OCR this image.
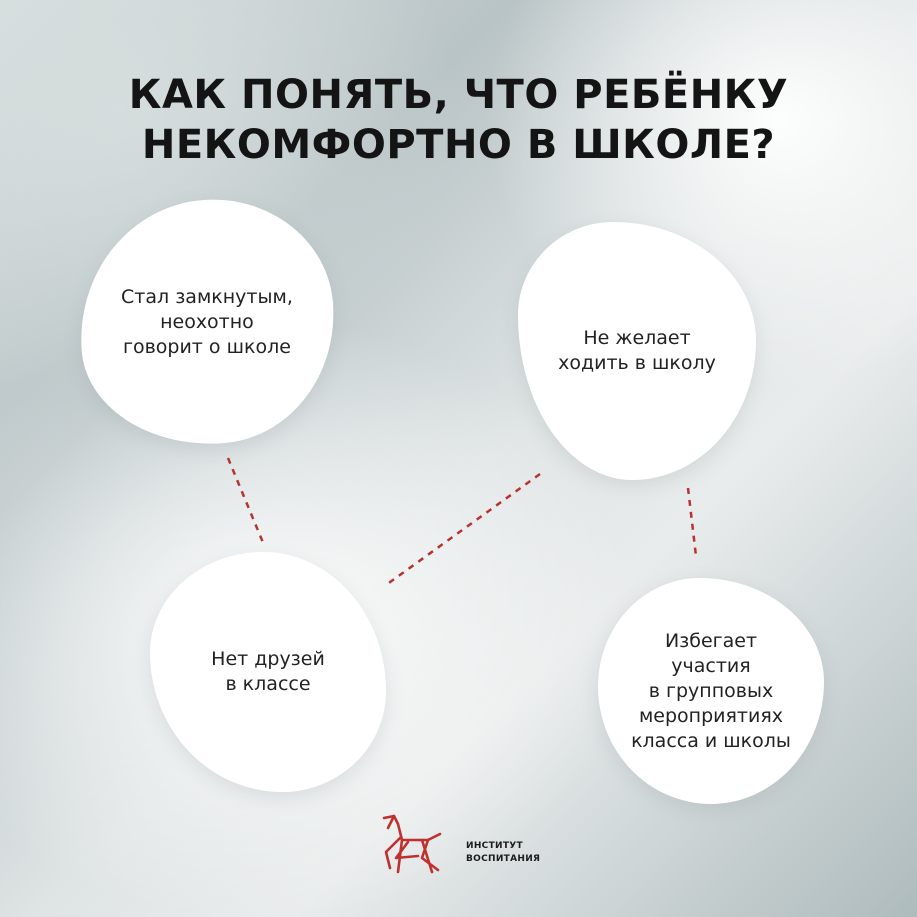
КАК ПОНЯТЬ, ЧТО РЕБЁНКУ
НЕКОМФОРТНО В ШКОЛЕ?
Стал замкнутым,
неохотно
говорит о школе	Не желает
ходить в школу
Нет друзей
в классе
Избегает
участия
в групповых
мероприятиях
класса и школы
ИНСТИТУТ
ВОСПИТАНИЯ
